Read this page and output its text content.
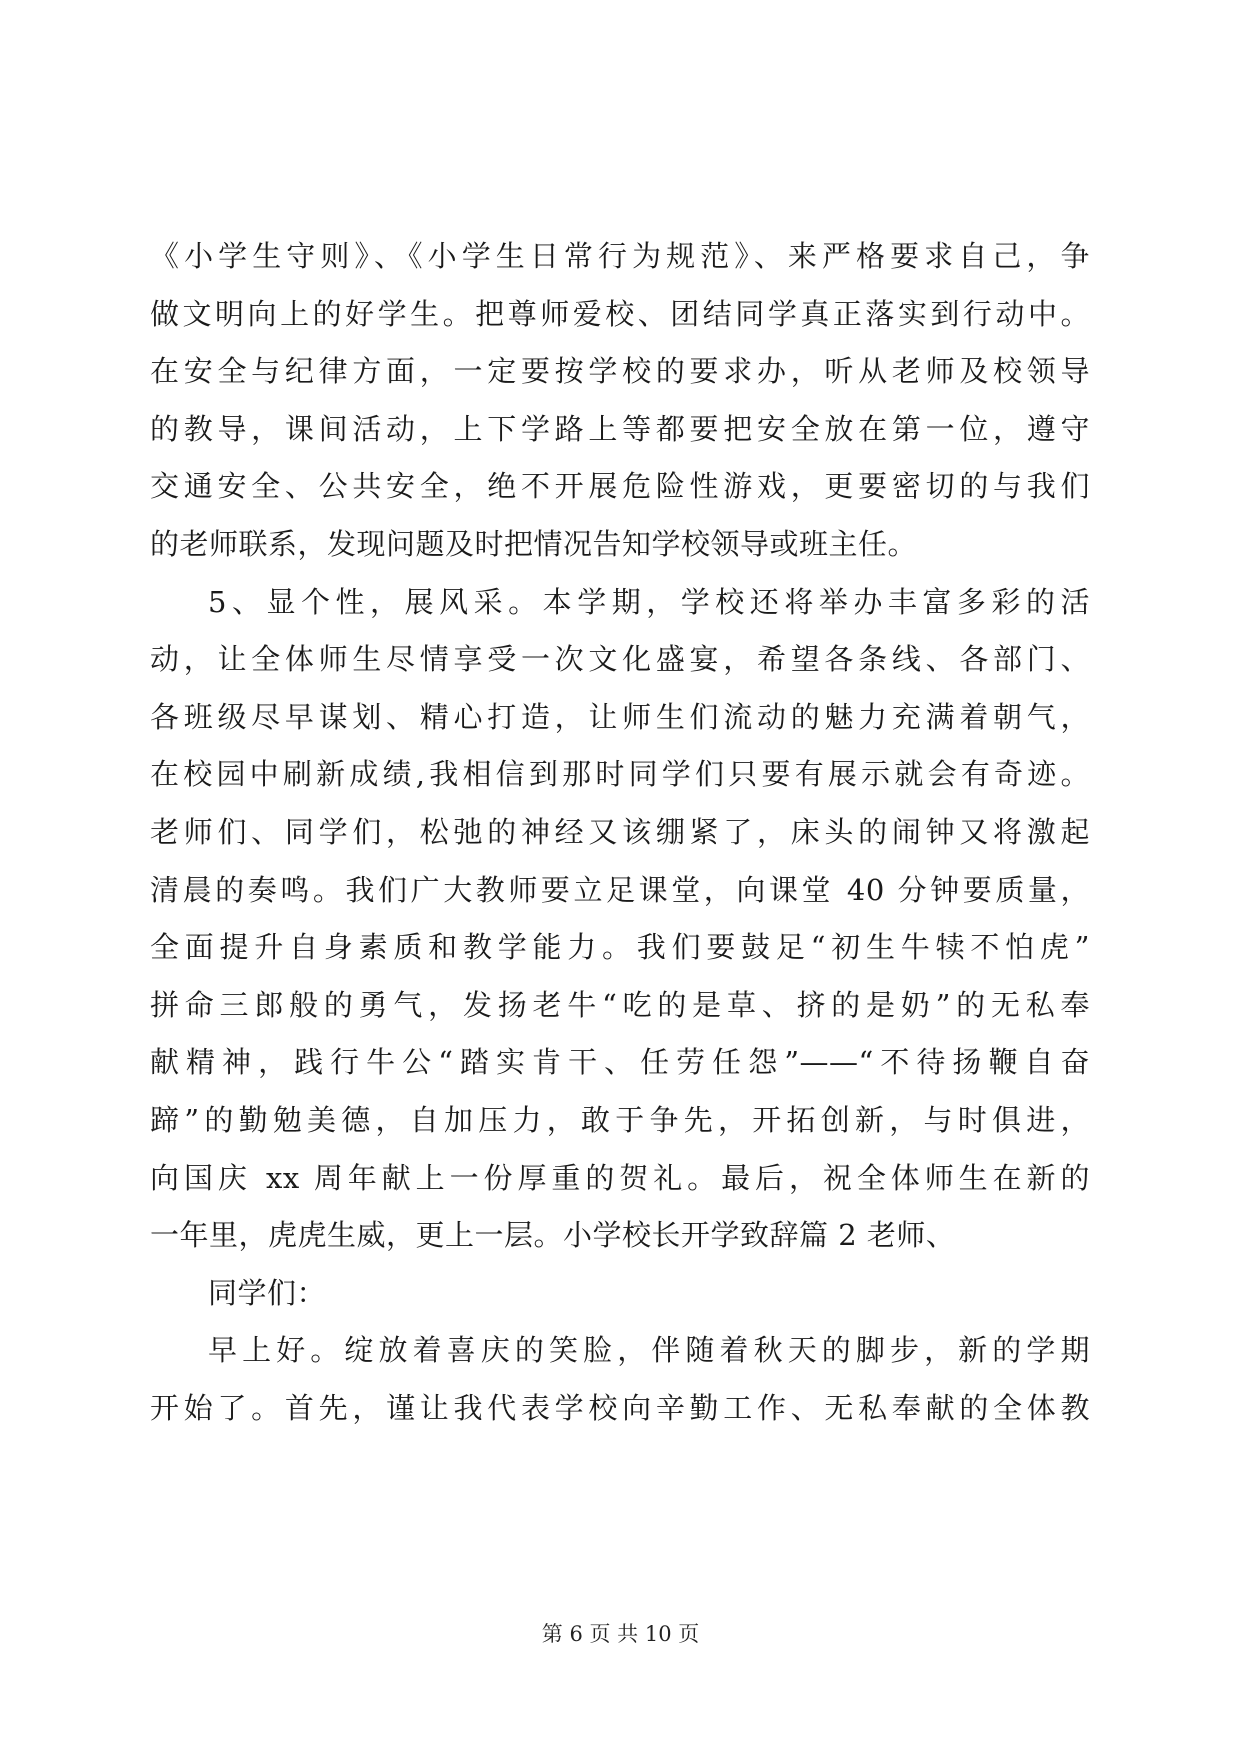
《小学生守则》、《小学生日常行为规范》、来严格要求自己，争
做文明向上的好学生。把尊师爱校、团结同学真正落实到行动中。
在安全与纪律方面，一定要按学校的要求办，听从老师及校领导
的教导，课间活动，上下学路上等都要把安全放在第一位，遵守
交通安全、公共安全，绝不开展危险性游戏，更要密切的与我们
的老师联系，发现问题及时把情况告知学校领导或班主任。
5、显个性，展风采。本学期，学校还将举办丰富多彩的活
动，让全体师生尽情享受一次文化盛宴，希望各条线、各部门、
各班级尽早谋划、精心打造，让师生们流动的魅力充满着朝气，
在校园中刷新成绩,我相信到那时同学们只要有展示就会有奇迹。
老师们、同学们，松弛的神经又该绷紧了，床头的闹钟又将激起
清晨的奏鸣。我们广大教师要立足课堂，向课堂 40 分钟要质量，
全面提升自身素质和教学能力。我们要鼓足“初生牛犊不怕虎”
拼命三郎般的勇气，发扬老牛“吃的是草、挤的是奶”的无私奉
献精神，践行牛公“踏实肯干、任劳任怨”——“不待扬鞭自奋
蹄”的勤勉美德，自加压力，敢于争先，开拓创新，与时俱进，
向国庆 xx 周年献上一份厚重的贺礼。最后，祝全体师生在新的
一年里，虎虎生威，更上一层。小学校长开学致辞篇 2 老师、
同学们：
早上好。绽放着喜庆的笑脸，伴随着秋天的脚步，新的学期
开始了。首先，谨让我代表学校向辛勤工作、无私奉献的全体教
第 6 页 共 10 页
